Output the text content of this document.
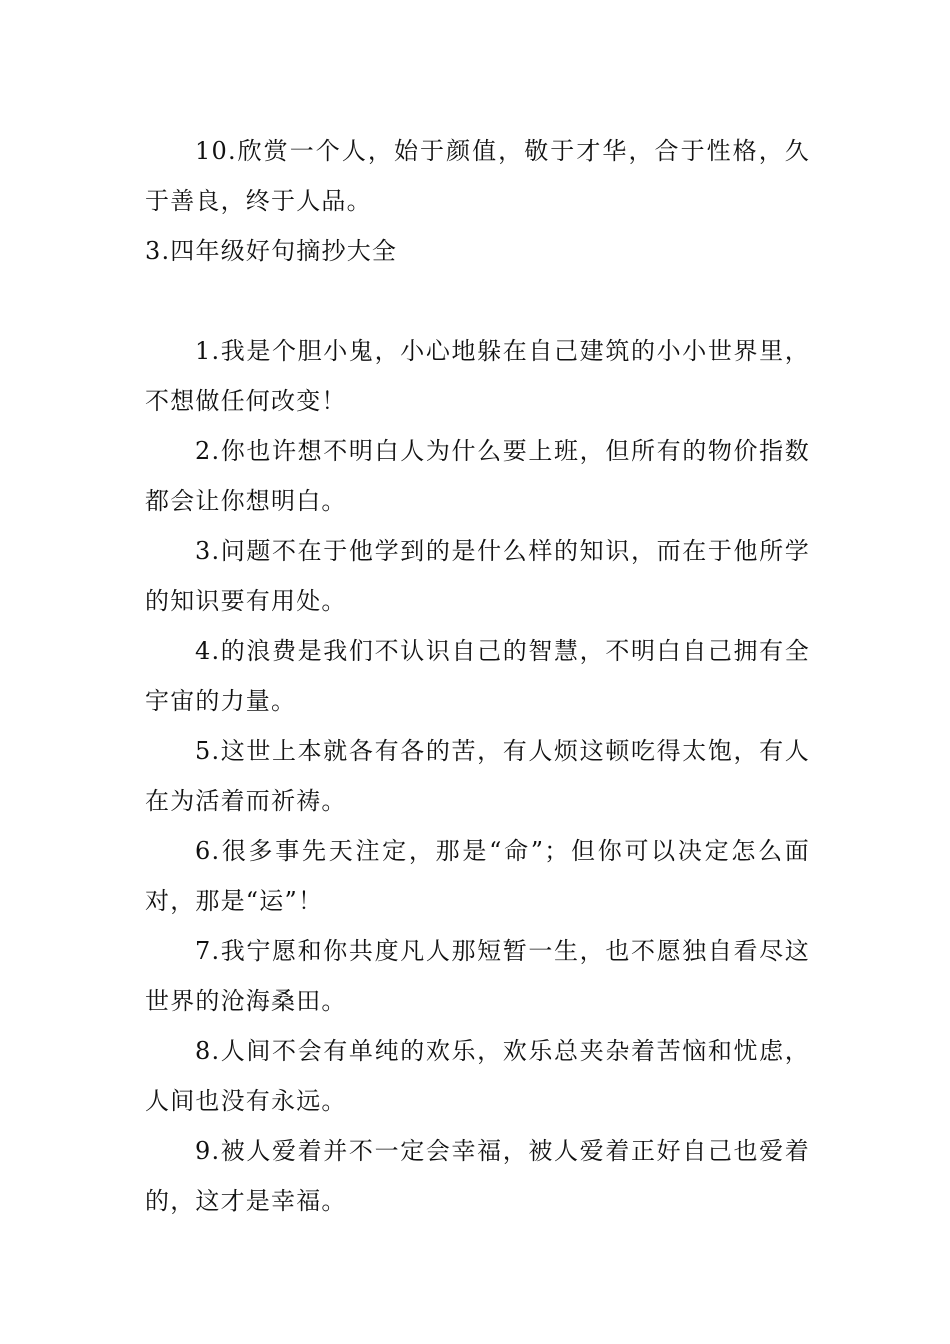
10.欣赏一个人，始于颜值，敬于才华，合于性格，久于善良，终于人品。

3.四年级好句摘抄大全

1.我是个胆小鬼，小心地躲在自己建筑的小小世界里，不想做任何改变！

2.你也许想不明白人为什么要上班，但所有的物价指数都会让你想明白。

3.问题不在于他学到的是什么样的知识，而在于他所学的知识要有用处。

4.的浪费是我们不认识自己的智慧，不明白自己拥有全宇宙的力量。

5.这世上本就各有各的苦，有人烦这顿吃得太饱，有人在为活着而祈祷。

6.很多事先天注定，那是“命”；但你可以决定怎么面对，那是“运”！

7.我宁愿和你共度凡人那短暂一生，也不愿独自看尽这世界的沧海桑田。

8.人间不会有单纯的欢乐，欢乐总夹杂着苦恼和忧虑，人间也没有永远。

9.被人爱着并不一定会幸福，被人爱着正好自己也爱着的，这才是幸福。
